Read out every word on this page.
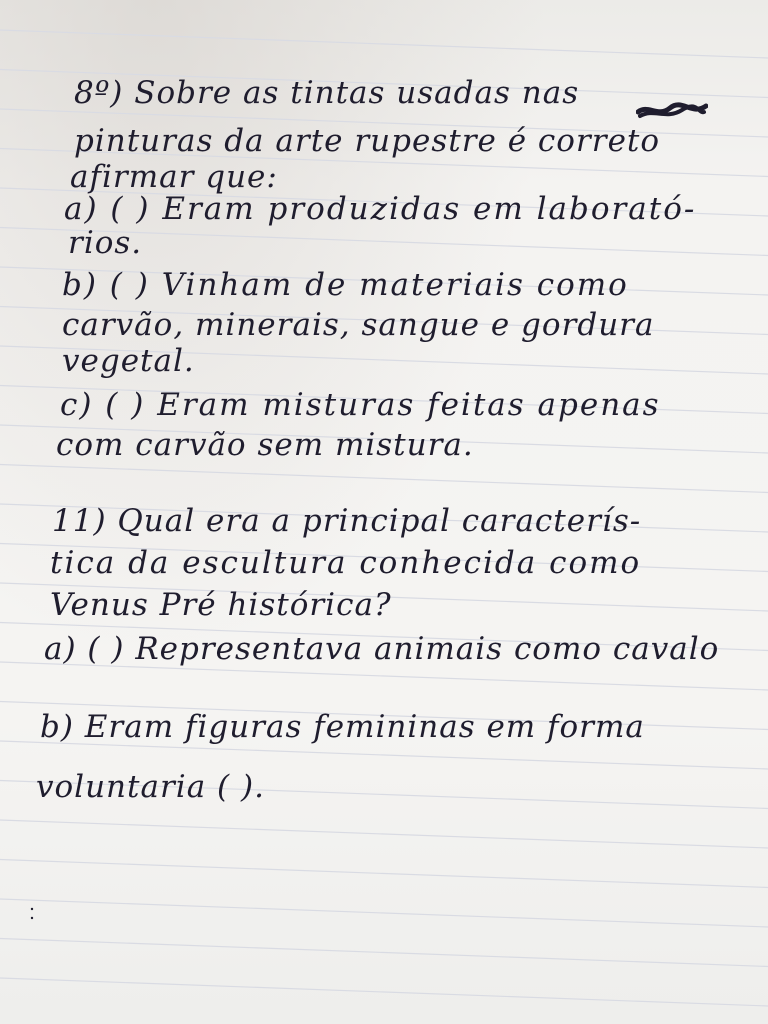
8º) Sobre as tintas usadas nas
pinturas da arte rupestre é correto
afirmar que:
a) ( ) Eram produzidas em laborató-
rios.
b) ( ) Vinham de materiais como
carvão, minerais, sangue e gordura
vegetal.
c) ( ) Eram misturas feitas apenas
com carvão sem mistura.
11) Qual era a principal caracterís-
tica da escultura conhecida como
Venus Pré histórica?
a) ( ) Representava animais como cavalo
b) Eram figuras femininas em forma
voluntaria ( ).
